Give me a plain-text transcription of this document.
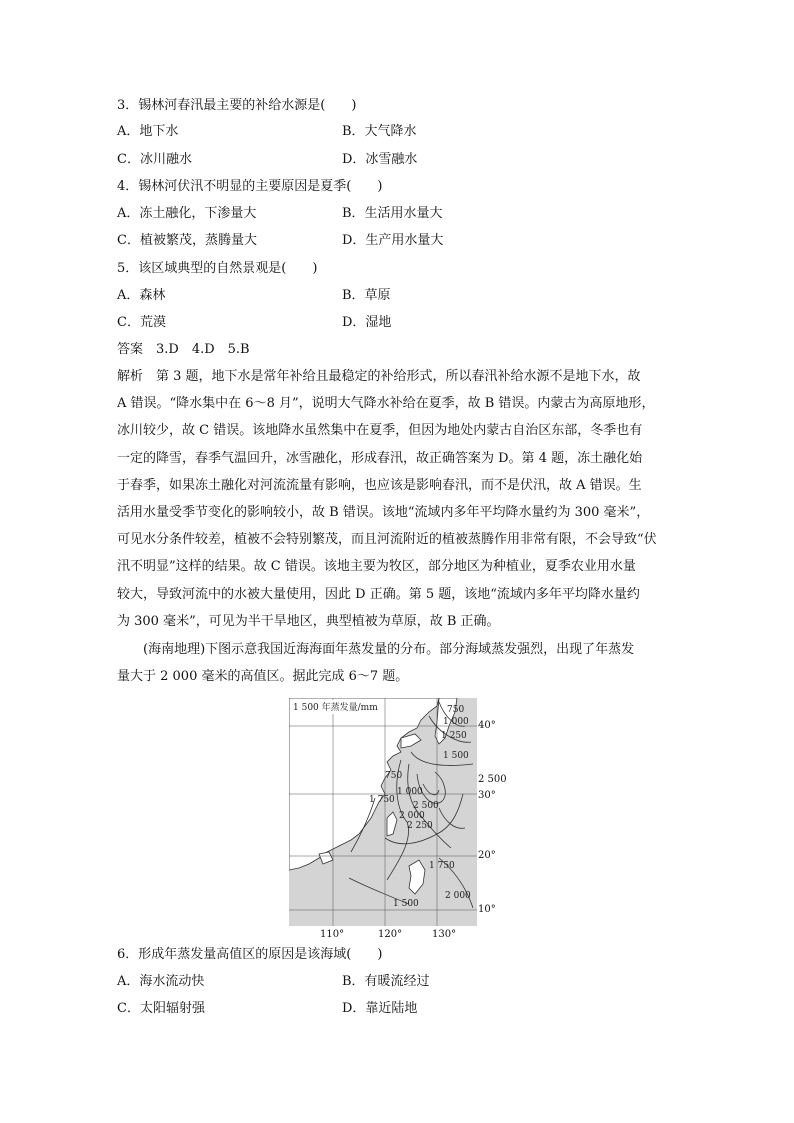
3．锡林河春汛最主要的补给水源是(　　)
A．地下水	B．大气降水
C．冰川融水	D．冰雪融水
4．锡林河伏汛不明显的主要原因是夏季(　　)
A．冻土融化，下渗量大	B．生活用水量大
C．植被繁茂，蒸腾量大	D．生产用水量大
5．该区域典型的自然景观是(　　)
A．森林	B．草原
C．荒漠	D．湿地
答案　3.D　4.D　5.B
解析　第 3 题，地下水是常年补给且最稳定的补给形式，所以春汛补给水源不是地下水，故
A 错误。“降水集中在 6～8 月”，说明大气降水补给在夏季，故 B 错误。内蒙古为高原地形，
冰川较少，故 C 错误。该地降水虽然集中在夏季，但因为地处内蒙古自治区东部，冬季也有
一定的降雪，春季气温回升，冰雪融化，形成春汛，故正确答案为 D。第 4 题，冻土融化始
于春季，如果冻土融化对河流流量有影响，也应该是影响春汛，而不是伏汛，故 A 错误。生
活用水量受季节变化的影响较小，故 B 错误。该地“流域内多年平均降水量约为 300 毫米”，
可见水分条件较差，植被不会特别繁茂，而且河流附近的植被蒸腾作用非常有限，不会导致“伏
汛不明显”这样的结果。故 C 错误。该地主要为牧区，部分地区为种植业，夏季农业用水量
较大，导致河流中的水被大量使用，因此 D 正确。第 5 题，该地“流域内多年平均降水量约
为 300 毫米”，可见为半干旱地区，典型植被为草原，故 B 正确。
　　(海南地理)下图示意我国近海海面年蒸发量的分布。部分海域蒸发强烈，出现了年蒸发
量大于 2 000 毫米的高值区。据此完成 6～7 题。
1 500 年蒸发量/mm	750
1 000
1 250
1 500
1 750
2 000
2 250
2 500
1 000
750
1 750
2 000
1 500
40°
30°
20°
10°
2 500
110°	120°	130°
6．形成年蒸发量高值区的原因是该海域(　　)
A．海水流动快	B．有暖流经过
C．太阳辐射强	D．靠近陆地
